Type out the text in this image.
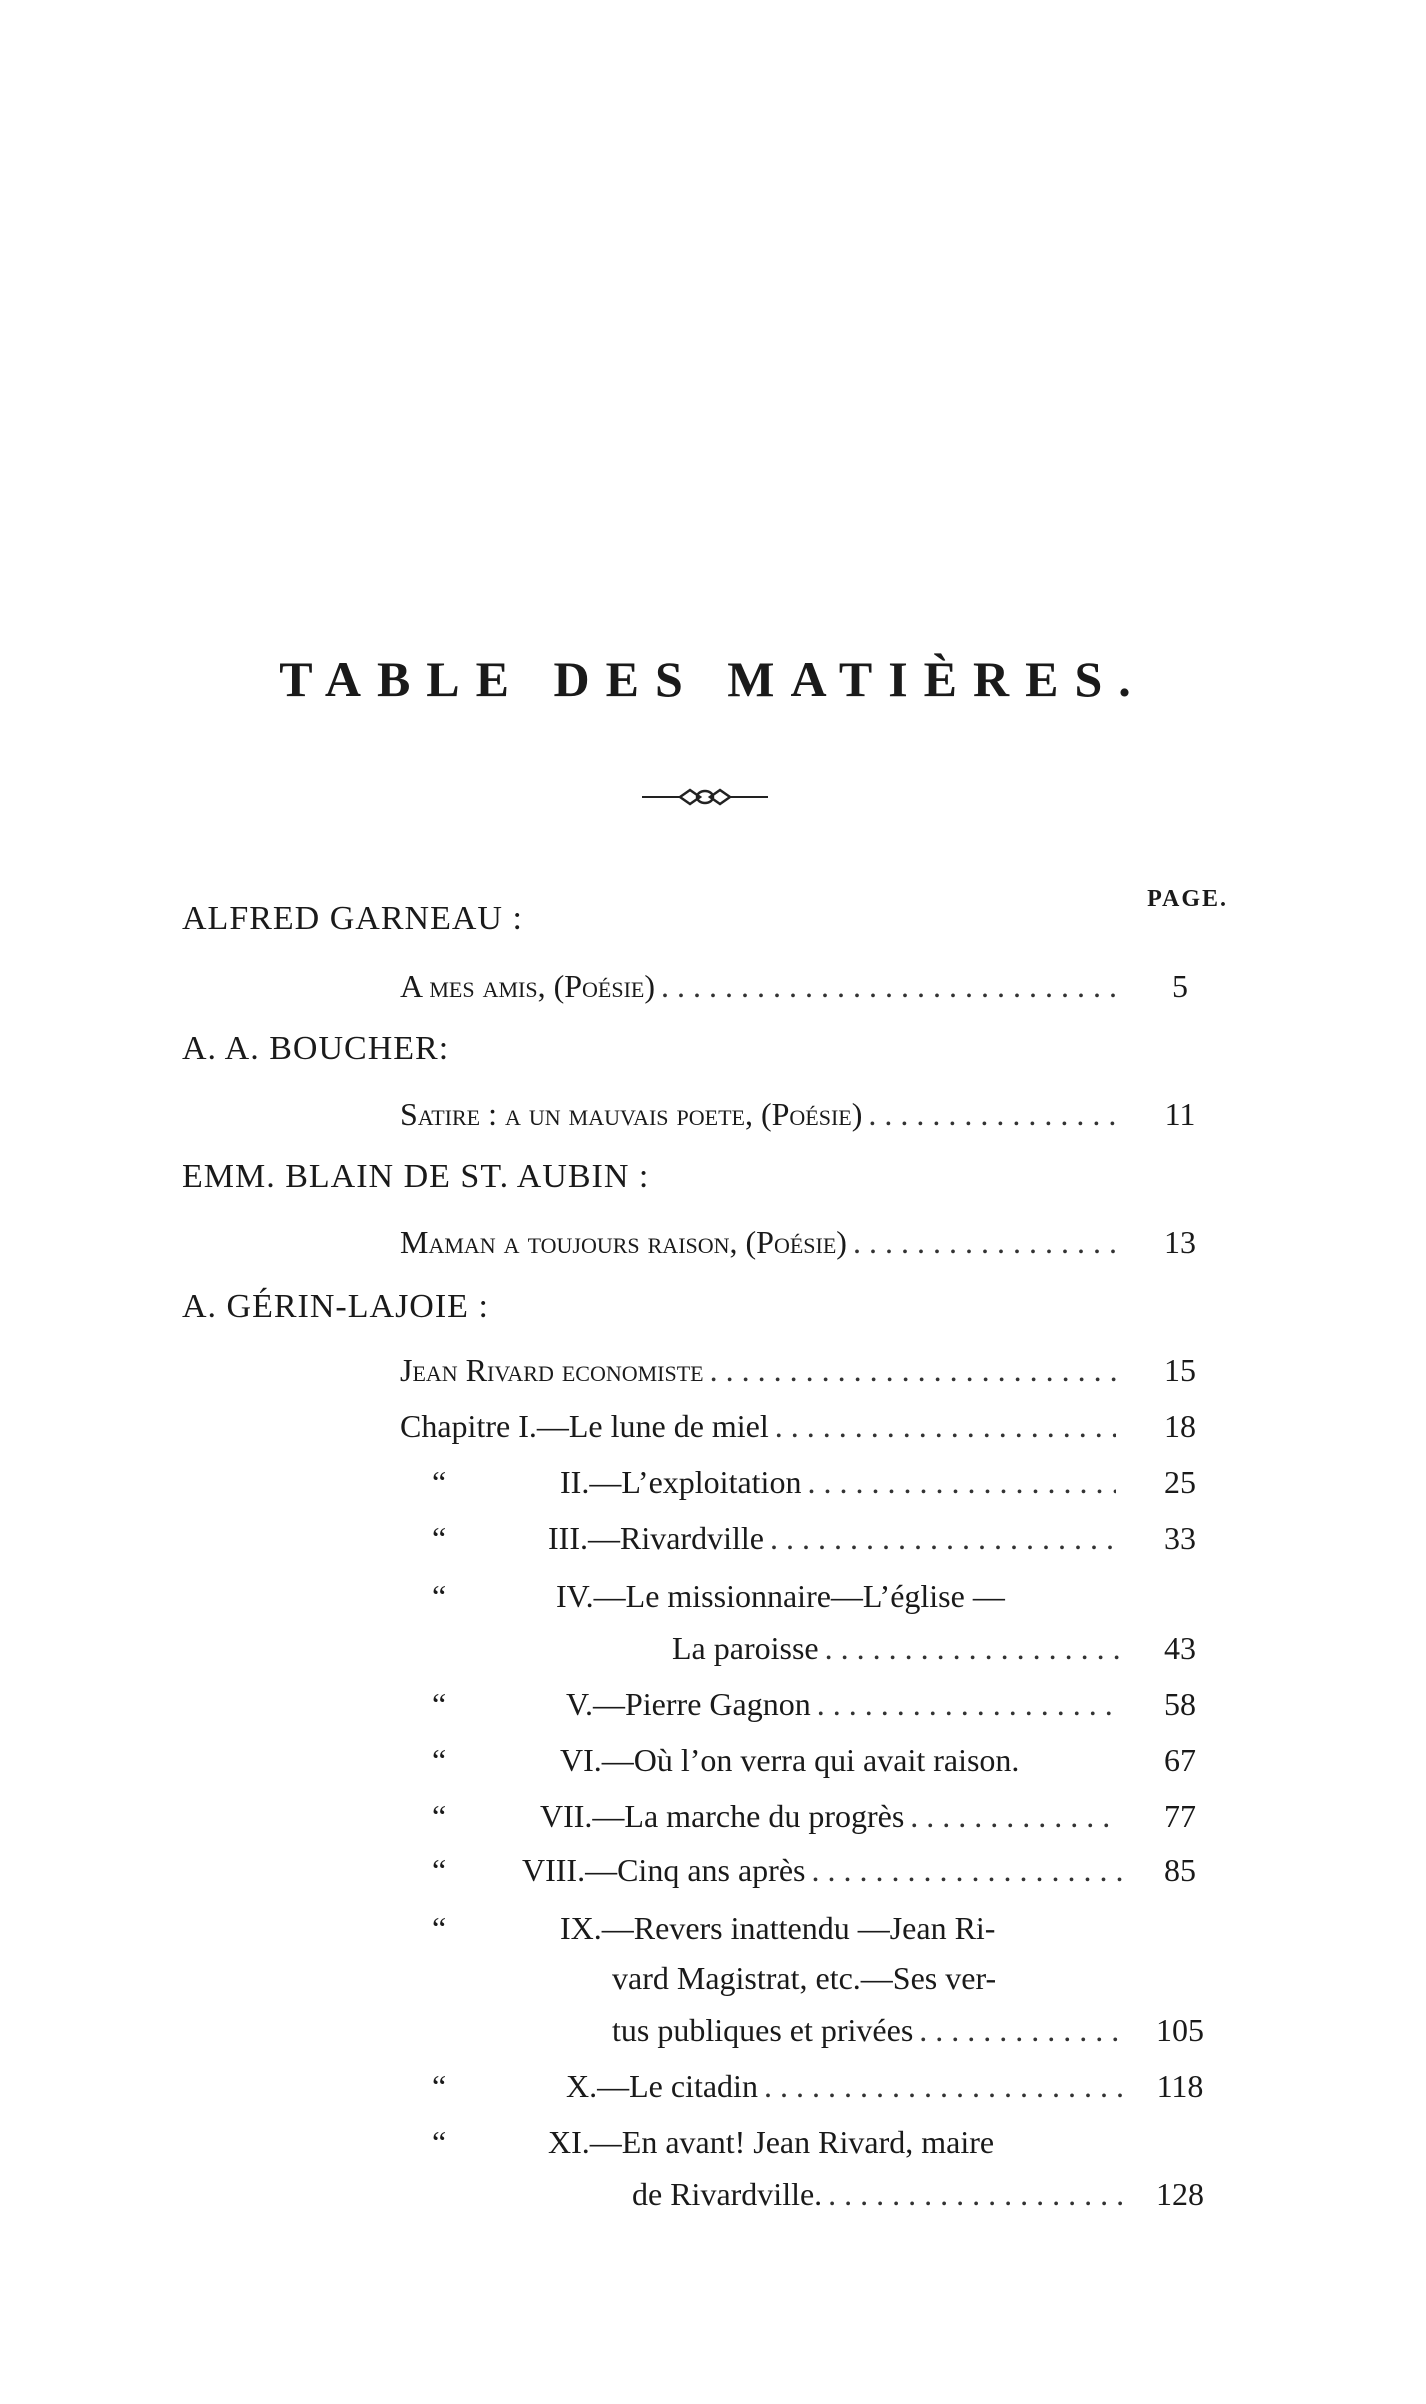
TABLE DES MATIÈRES.
PAGE.
ALFRED GARNEAU :
A mes amis, (Poésie) . . .	5
A. A. BOUCHER:
Satire : a un mauvais poete, (Poésie) . . .	11
EMM. BLAIN DE ST. AUBIN :
Maman a toujours raison, (Poésie) . . .	13
A. GÉRIN-LAJOIE :
Jean Rivard economiste . . .	15
Chapitre I.—Le lune de miel . . .	18
“	II. —L’exploitation . . .	25
“	III. —Rivardville . . .	33
“	IV. —Le missionnaire—L’église —
La paroisse . . .	43
“	V. —Pierre Gagnon . . .	58
“	VI. —Où l’on verra qui avait raison.	67
“	VII. —La marche du progrès . . .	77
“ VIII. —Cinq ans après . . .	85
“	IX. —Revers inattendu —Jean Ri-
vard Magistrat, etc.—Ses ver-
tus publiques et privées . . .	105
“	X. —Le citadin . . .	118
“	XI. —En avant! Jean Rivard, maire
de Rivardville. . . .	128
